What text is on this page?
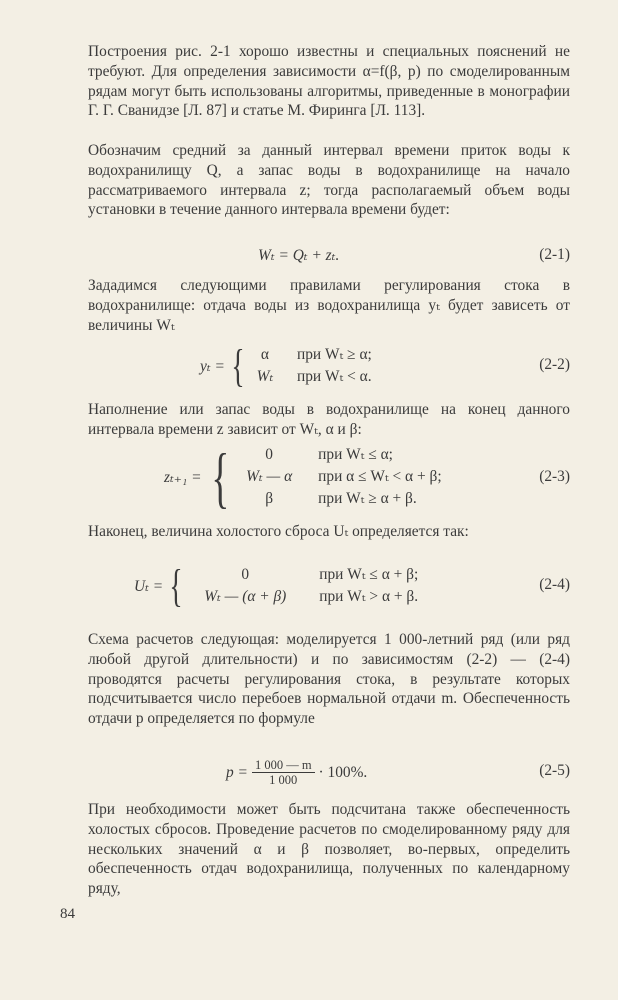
Построения рис. 2-1 хорошо известны и специальных пояснений не требуют. Для определения зависимости α=f(β, p) по смоделированным рядам могут быть использованы алгоритмы, приведенные в монографии Г. Г. Сванидзе [Л. 87] и статье М. Фиринга [Л. 113].

Обозначим средний за данный интервал времени приток воды к водохранилищу Q, а запас воды в водохранилище на начало рассматриваемого интервала z; тогда располагаемый объем воды установки в течение данного интервала времени будет:

Wₜ = Qₜ + zₜ.	(2-1)

Зададимся следующими правилами регулирования стока в водохранилище: отдача воды из водохранилища yₜ будет зависеть от величины Wₜ

yₜ = {	α	при Wₜ ≥ α;
Wₜ	при Wₜ < α.
(2-2)

Наполнение или запас воды в водохранилище на конец данного интервала времени z зависит от Wₜ, α и β:

zₜ₊₁ = {	0	при Wₜ ≤ α;
Wₜ — α	при α ≤ Wₜ < α + β;
β	при Wₜ ≥ α + β.
(2-3)

Наконец, величина холостого сброса Uₜ определяется так:

Uₜ = {	0	при Wₜ ≤ α + β;
Wₜ — (α + β)	при Wₜ > α + β.
(2-4)

Схема расчетов следующая: моделируется 1 000-летний ряд (или ряд любой другой длительности) и по зависимостям (2-2) — (2-4) проводятся расчеты регулирования стока, в результате которых подсчитывается число перебоев нормальной отдачи m. Обеспеченность отдачи p определяется по формуле

$p = \frac{1 000 — m}{1 000} \cdot 100\%$.	(2-5)

При необходимости может быть подсчитана также обеспеченность холостых сбросов. Проведение расчетов по смоделированному ряду для нескольких значений α и β позволяет, во-первых, определить обеспеченность отдач водохранилища, полученных по календарному ряду,

84
